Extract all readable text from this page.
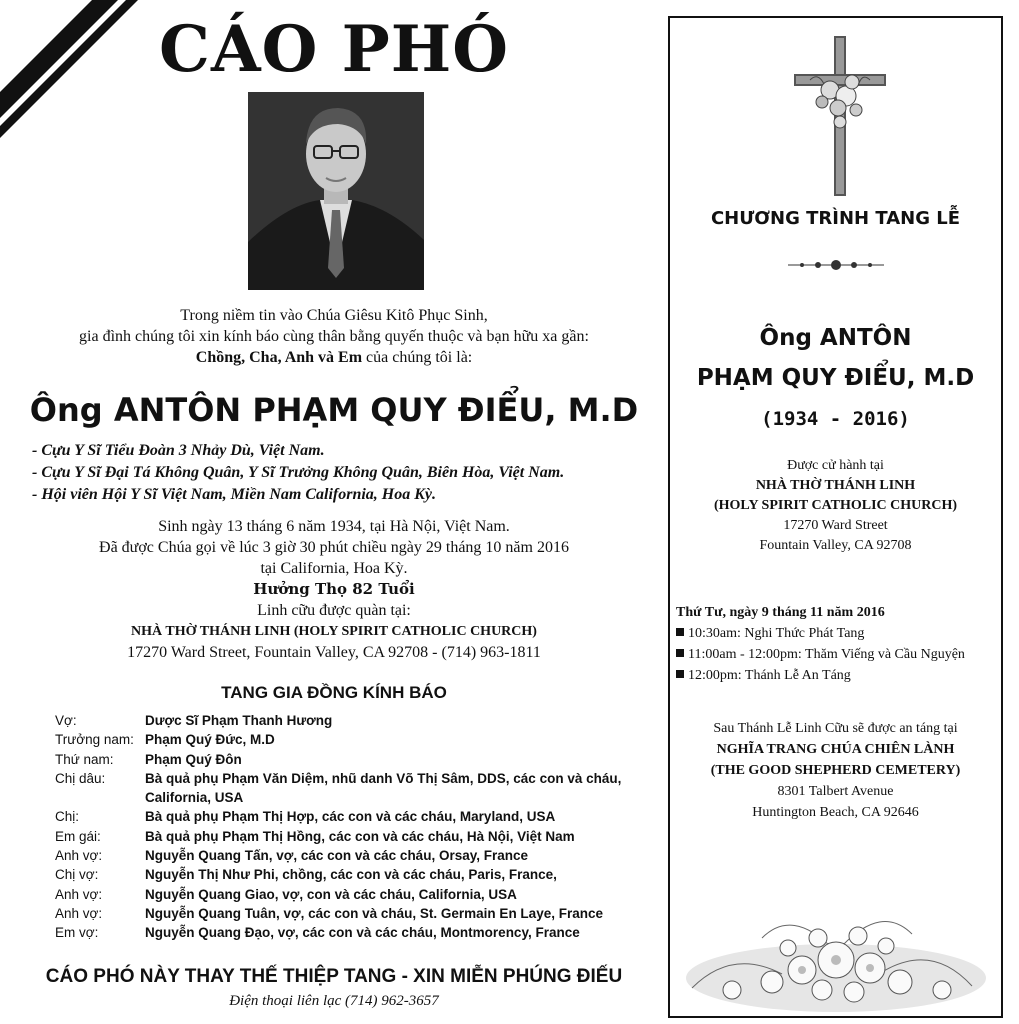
CÁO PHÓ
Trong niềm tin vào Chúa Giêsu Kitô Phục Sinh,
gia đình chúng tôi xin kính báo cùng thân bằng quyến thuộc và bạn hữu xa gần:
Chồng, Cha, Anh và Em của chúng tôi là:
Ông ANTÔN PHẠM QUY ĐIỂU, M.D
- Cựu Y Sĩ Tiểu Đoàn 3 Nhảy Dù, Việt Nam.
- Cựu Y Sĩ Đại Tá Không Quân, Y Sĩ Trưởng Không Quân, Biên Hòa, Việt Nam.
- Hội viên Hội Y Sĩ Việt Nam, Miền Nam California, Hoa Kỳ.
Sinh ngày 13 tháng 6 năm 1934, tại Hà Nội, Việt Nam.
Đã được Chúa gọi về lúc 3 giờ 30 phút chiều ngày 29 tháng 10 năm 2016
tại California, Hoa Kỳ.
Hưởng Thọ 82 Tuổi
Linh cữu được quàn tại:
NHÀ THỜ THÁNH LINH (HOLY SPIRIT CATHOLIC CHURCH)
17270 Ward Street, Fountain Valley, CA 92708 - (714) 963-1811
TANG GIA ĐỒNG KÍNH BÁO
Vợ:	Dược Sĩ Phạm Thanh Hương
Trưởng nam:	Phạm Quý Đức, M.D
Thứ nam:	Phạm Quý Đôn
Chị dâu:	Bà quả phụ Phạm Văn Diệm, nhũ danh Võ Thị Sâm, DDS, các con và cháu, California, USA
Chị:	Bà quả phụ Phạm Thị Hợp, các con và các cháu, Maryland, USA
Em gái:	Bà quả phụ Phạm Thị Hồng, các con và các cháu, Hà Nội, Việt Nam
Anh vợ:	Nguyễn Quang Tấn, vợ, các con và các cháu, Orsay, France
Chị vợ:	Nguyễn Thị Như Phi, chồng, các con và các cháu, Paris, France,
Anh vợ:	Nguyễn Quang Giao, vợ, con và các cháu, California, USA
Anh vợ:	Nguyễn Quang Tuân, vợ, các con và cháu, St. Germain En Laye, France
Em vợ:	Nguyễn Quang Đạo, vợ, các con và các cháu, Montmorency, France
CÁO PHÓ NÀY THAY THẾ THIỆP TANG - XIN MIỄN PHÚNG ĐIẾU
Điện thoại liên lạc (714) 962-3657
CHƯƠNG TRÌNH TANG LỄ
Ông ANTÔN
PHẠM QUY ĐIỂU, M.D
(1934 - 2016)
Được cử hành tại
NHÀ THỜ THÁNH LINH
(HOLY SPIRIT CATHOLIC CHURCH)
17270 Ward Street
Fountain Valley, CA 92708
Thứ Tư, ngày 9 tháng 11 năm 2016
10:30am: Nghi Thức Phát Tang
11:00am - 12:00pm: Thăm Viếng và Cầu Nguyện
12:00pm: Thánh Lễ An Táng
Sau Thánh Lễ Linh Cữu sẽ được an táng tại
NGHĨA TRANG CHÚA CHIÊN LÀNH
(THE GOOD SHEPHERD CEMETERY)
8301 Talbert Avenue
Huntington Beach, CA 92646
